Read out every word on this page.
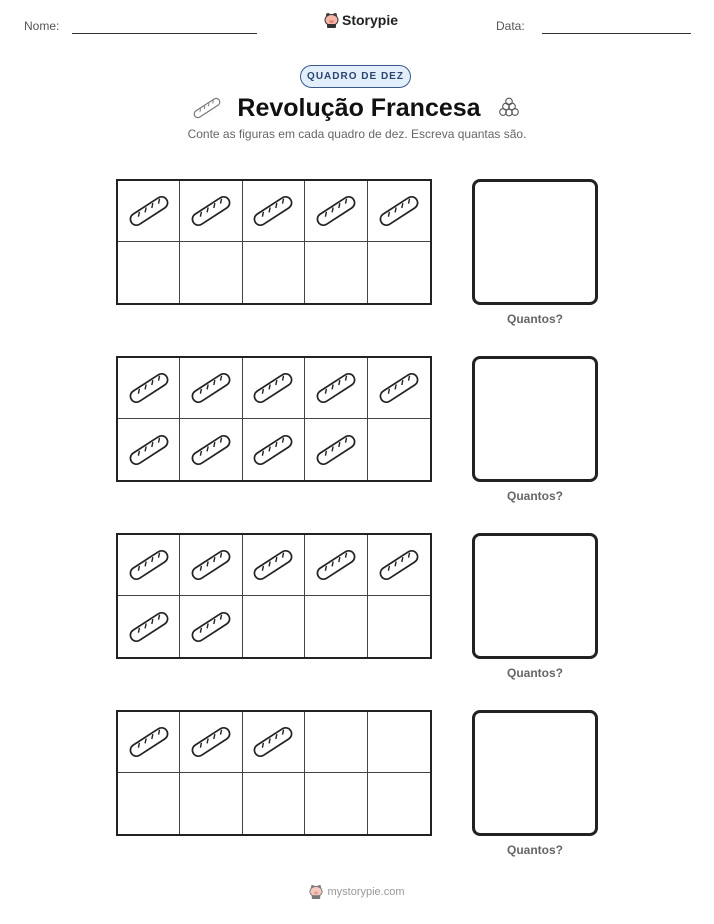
Nome:	Storypie	Data:
QUADRO DE DEZ
Revolução Francesa
Conte as figuras em cada quadro de dez. Escreva quantas são.
Quantos?
Quantos?
Quantos?
Quantos?
mystorypie.com
